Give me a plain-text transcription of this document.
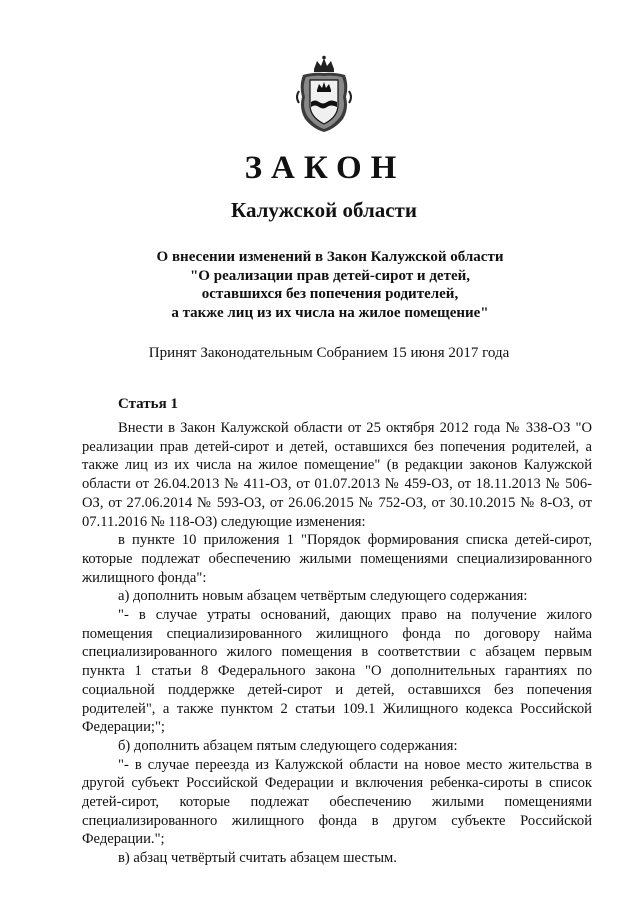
ЗАКОН
Калужской области
О внесении изменений в Закон Калужской области
"О реализации прав детей-сирот и детей,
оставшихся без попечения родителей,
а также лиц из их числа на жилое помещение"
Принят Законодательным Собранием 15 июня 2017 года
Статья 1

Внести в Закон Калужской области от 25 октября 2012 года № 338-ОЗ "О реализации прав детей-сирот и детей, оставшихся без попечения родителей, а также лиц из их числа на жилое помещение" (в редакции законов Калужской области от 26.04.2013 № 411-ОЗ, от 01.07.2013 № 459-ОЗ, от 18.11.2013 № 506-ОЗ, от 27.06.2014 № 593-ОЗ, от 26.06.2015 № 752-ОЗ, от 30.10.2015 № 8-ОЗ, от 07.11.2016 № 118-ОЗ) следующие изменения:

в пункте 10 приложения 1 "Порядок формирования списка детей-сирот, которые подлежат обеспечению жилыми помещениями специализированного жилищного фонда":

а) дополнить новым абзацем четвёртым следующего содержания:

"- в случае утраты оснований, дающих право на получение жилого помещения специализированного жилищного фонда по договору найма специализированного жилого помещения в соответствии с абзацем первым пункта 1 статьи 8 Федерального закона "О дополнительных гарантиях по социальной поддержке детей-сирот и детей, оставшихся без попечения родителей", а также пунктом 2 статьи 109.1 Жилищного кодекса Российской Федерации;";

б) дополнить абзацем пятым следующего содержания:

"- в случае переезда из Калужской области на новое место жительства в другой субъект Российской Федерации и включения ребенка-сироты в список детей-сирот, которые подлежат обеспечению жилыми помещениями специализированного жилищного фонда в другом субъекте Российской Федерации.";

в) абзац четвёртый считать абзацем шестым.
